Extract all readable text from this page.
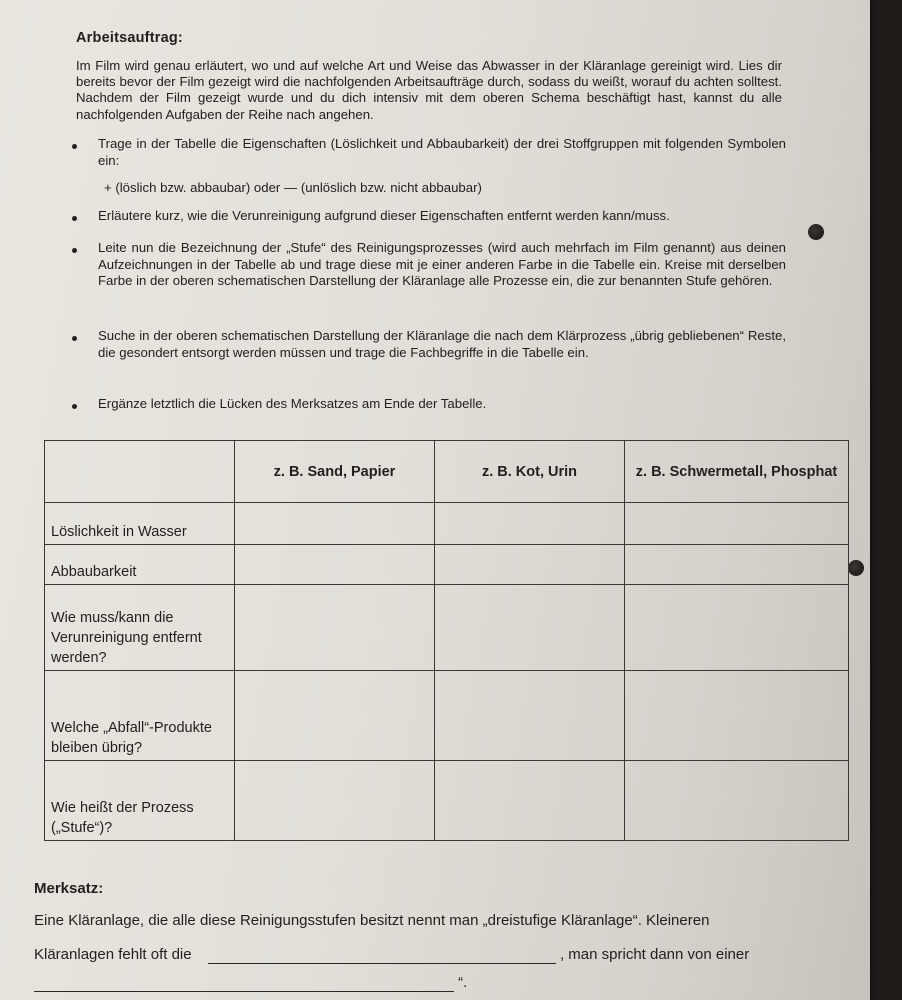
Arbeitsauftrag:

Im Film wird genau erläutert, wo und auf welche Art und Weise das Abwasser in der Kläranlage gereinigt wird. Lies dir bereits bevor der Film gezeigt wird die nachfolgenden Arbeitsaufträge durch, sodass du weißt, worauf du achten solltest. Nachdem der Film gezeigt wurde und du dich intensiv mit dem oberen Schema beschäftigt hast, kannst du alle nachfolgenden Aufgaben der Reihe nach angehen.

Trage in der Tabelle die Eigenschaften (Löslichkeit und Abbaubarkeit) der drei Stoffgruppen mit folgenden Symbolen ein:

+ (löslich bzw. abbaubar) oder — (unlöslich bzw. nicht abbaubar)

Erläutere kurz, wie die Verunreinigung aufgrund dieser Eigenschaften entfernt werden kann/muss.

Leite nun die Bezeichnung der „Stufe“ des Reinigungsprozesses (wird auch mehrfach im Film genannt) aus deinen Aufzeichnungen in der Tabelle ab und trage diese mit je einer anderen Farbe in die Tabelle ein. Kreise mit derselben Farbe in der oberen schematischen Darstellung der Kläranlage alle Prozesse ein, die zur benannten Stufe gehören.

Suche in der oberen schematischen Darstellung der Kläranlage die nach dem Klärprozess „übrig gebliebenen“ Reste, die gesondert entsorgt werden müssen und trage die Fachbegriffe in die Tabelle ein.

Ergänze letztlich die Lücken des Merksatzes am Ende der Tabelle.

	z. B. Sand, Papier	z. B. Kot, Urin	z. B. Schwermetall, Phosphat
Löslichkeit in Wasser			
Abbaubarkeit			
Wie muss/kann die Verunreinigung entfernt werden?			
Welche „Abfall“-Produkte bleiben übrig?			
Wie heißt der Prozess („Stufe“)?			
Merksatz:
Eine Kläranlage, die alle diese Reinigungsstufen besitzt nennt man „dreistufige Kläranlage“. Kleineren
Kläranlagen fehlt oft die	, man spricht dann von einer
“.
